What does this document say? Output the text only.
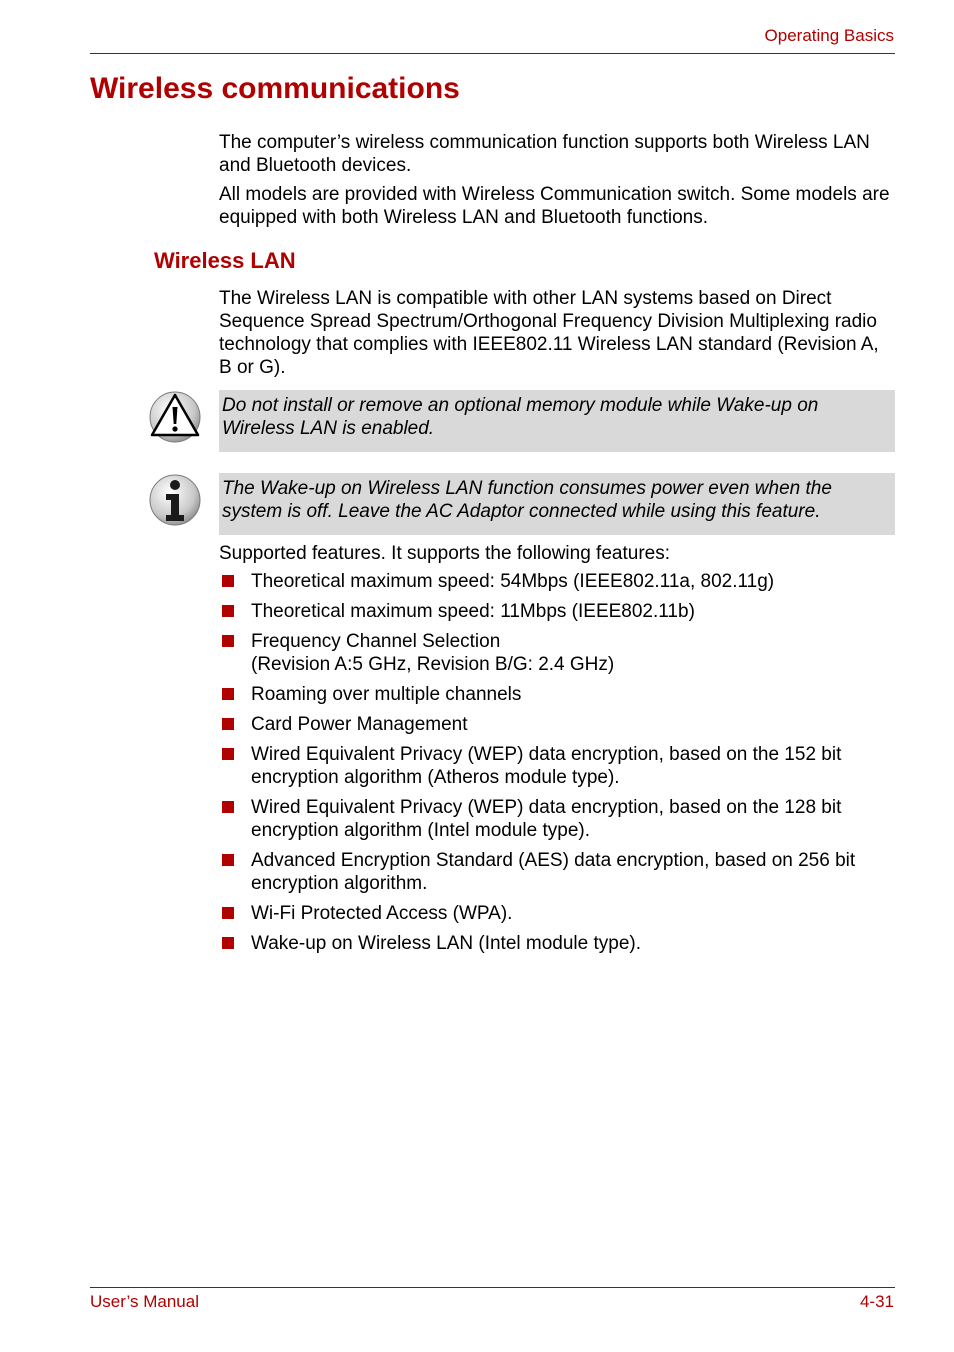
Operating Basics
Wireless communications

The computer’s wireless communication function supports both Wireless LAN and Bluetooth devices.

All models are provided with Wireless Communication switch. Some models are equipped with both Wireless LAN and Bluetooth functions.

Wireless LAN

The Wireless LAN is compatible with other LAN systems based on Direct Sequence Spread Spectrum/Orthogonal Frequency Division Multiplexing radio technology that complies with IEEE802.11 Wireless LAN standard (Revision A, B or G).

Do not install or remove an optional memory module while Wake-up on Wireless LAN is enabled.
The Wake-up on Wireless LAN function consumes power even when the system is off. Leave the AC Adaptor connected while using this feature.

Supported features. It supports the following features:

Theoretical maximum speed: 54Mbps (IEEE802.11a, 802.11g)
Theoretical maximum speed: 11Mbps (IEEE802.11b)
Frequency Channel Selection
(Revision A:5 GHz, Revision B/G: 2.4 GHz)
Roaming over multiple channels
Card Power Management
Wired Equivalent Privacy (WEP) data encryption, based on the 152 bit encryption algorithm (Atheros module type).
Wired Equivalent Privacy (WEP) data encryption, based on the 128 bit encryption algorithm (Intel module type).
Advanced Encryption Standard (AES) data encryption, based on 256 bit encryption algorithm.
Wi-Fi Protected Access (WPA).
Wake-up on Wireless LAN (Intel module type).
User’s Manual	4-31
